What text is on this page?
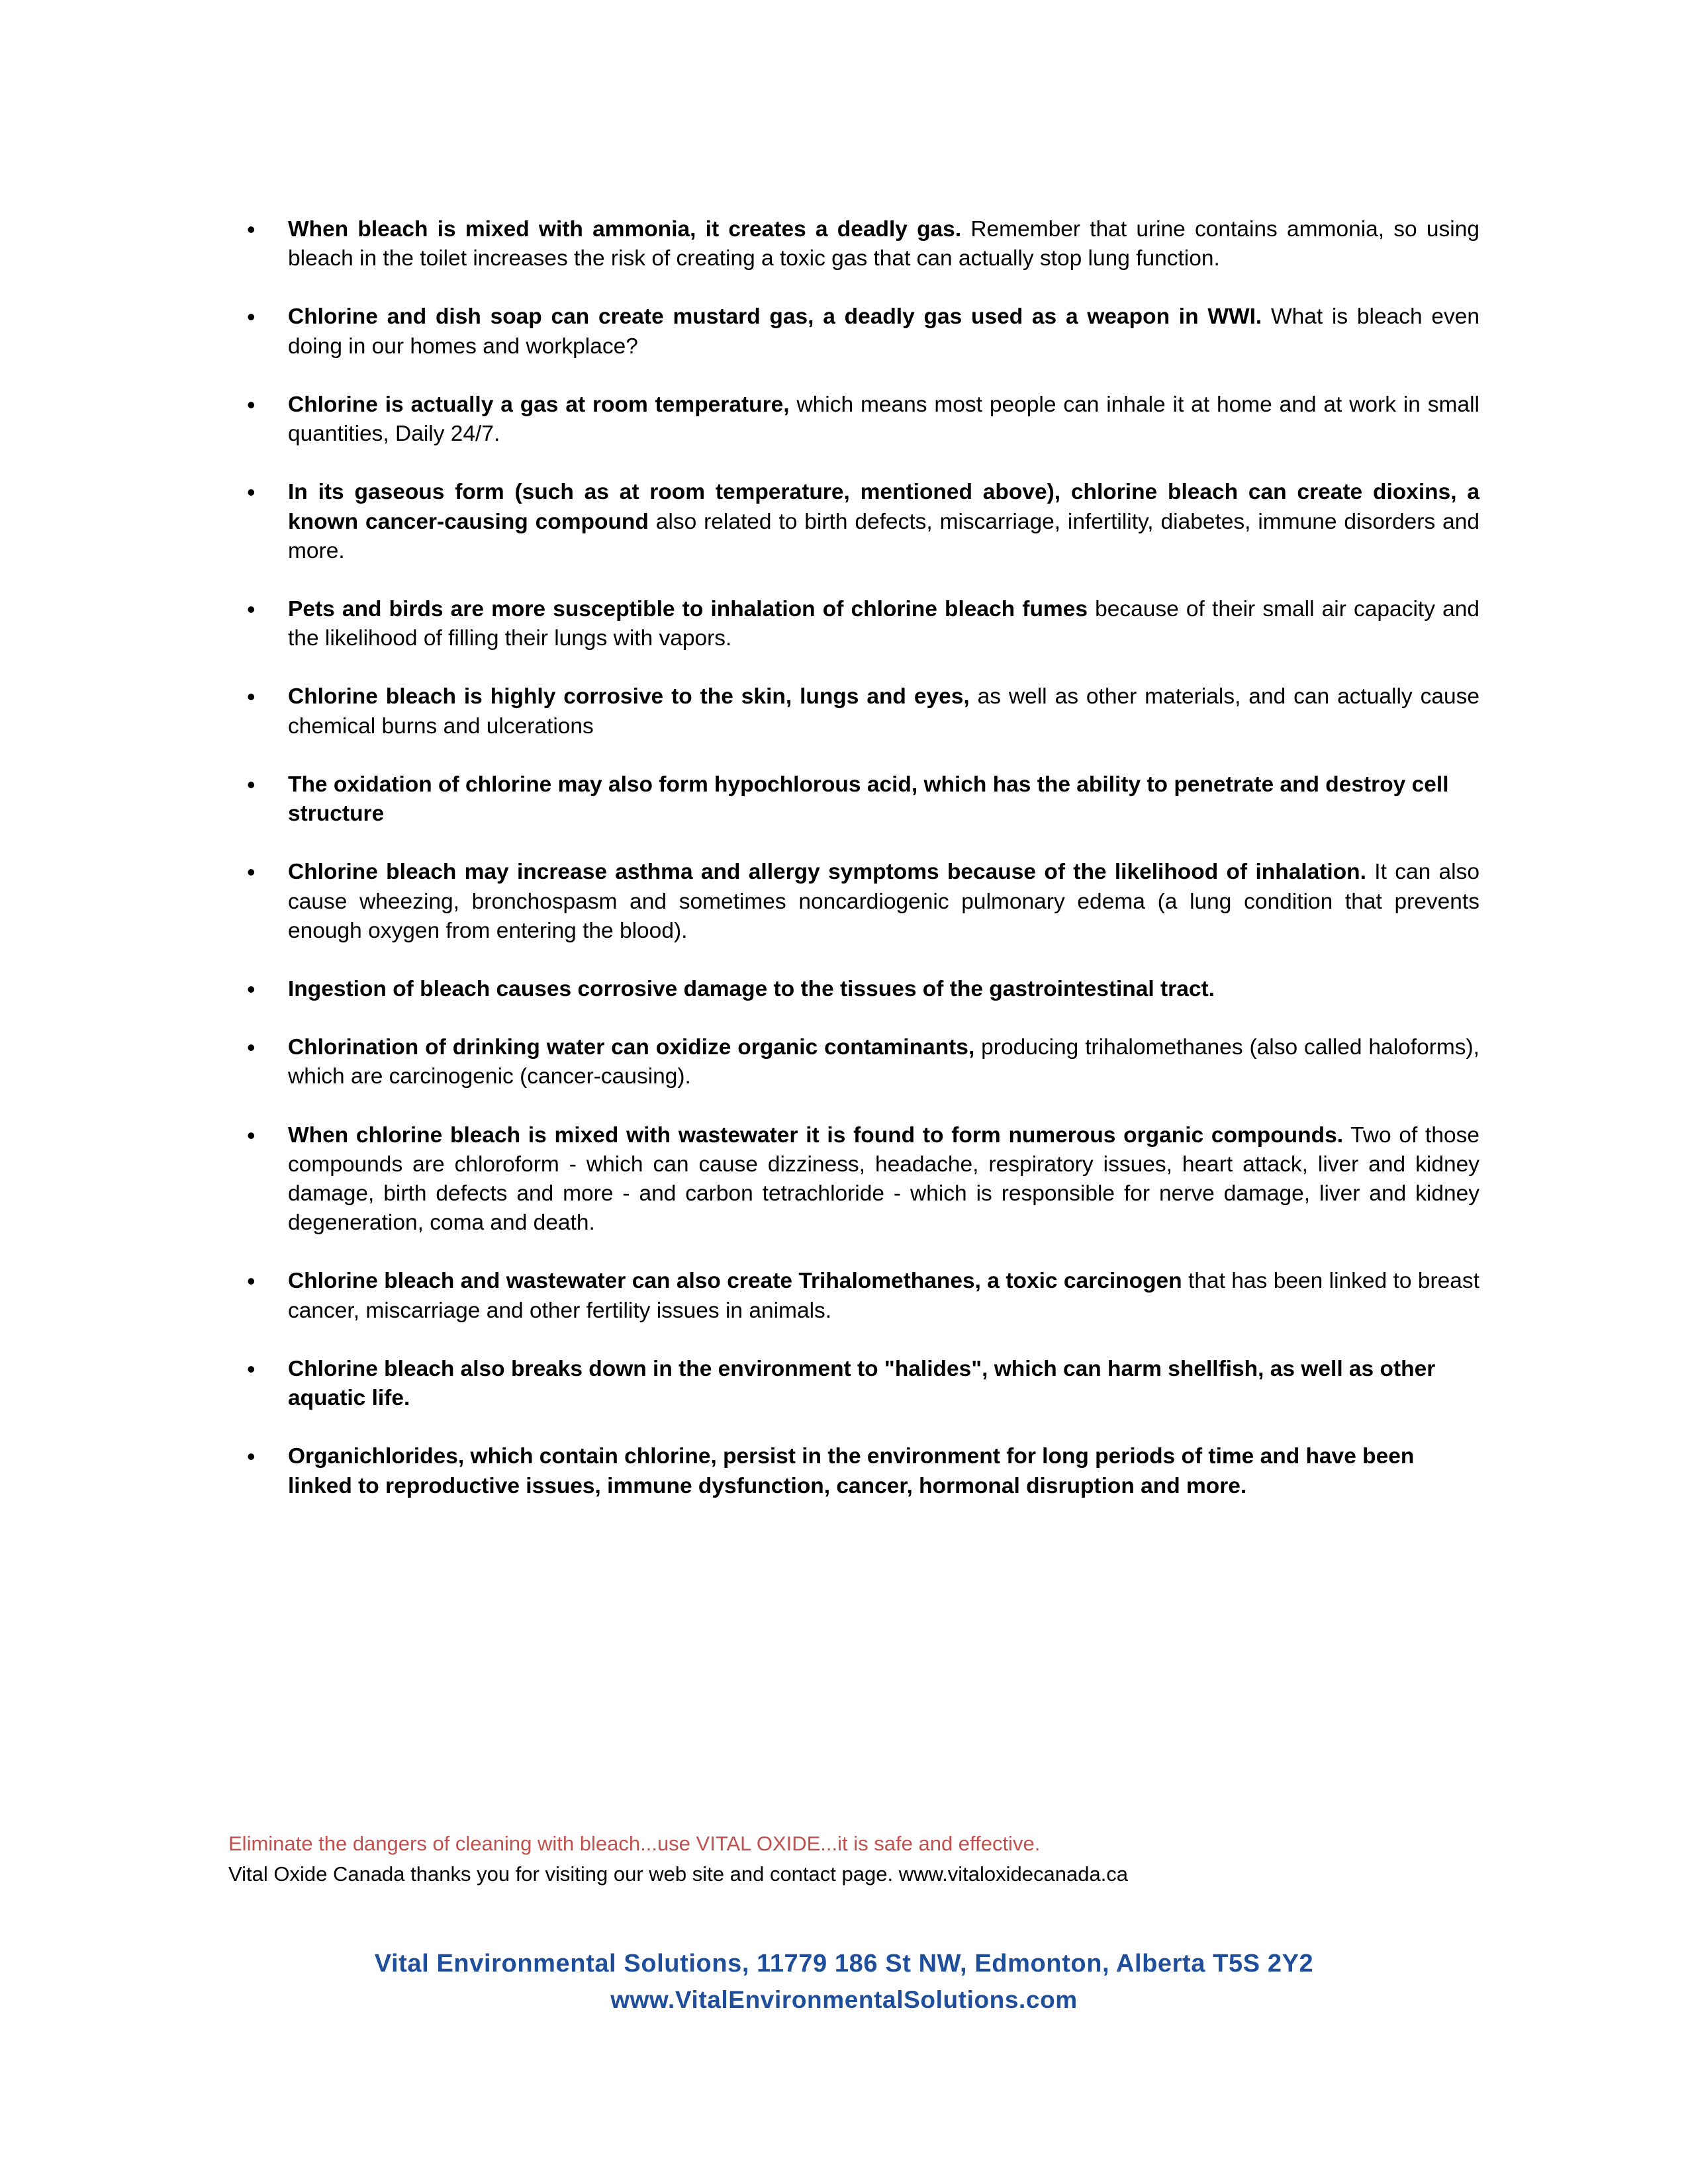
• When bleach is mixed with ammonia, it creates a deadly gas. Remember that urine contains ammonia, so using bleach in the toilet increases the risk of creating a toxic gas that can actually stop lung function.
• Chlorine and dish soap can create mustard gas, a deadly gas used as a weapon in WWI. What is bleach even doing in our homes and workplace?
• Chlorine is actually a gas at room temperature, which means most people can inhale it at home and at work in small quantities, Daily 24/7.
• In its gaseous form (such as at room temperature, mentioned above), chlorine bleach can create dioxins, a known cancer-causing compound also related to birth defects, miscarriage, infertility, diabetes, immune disorders and more.
• Pets and birds are more susceptible to inhalation of chlorine bleach fumes because of their small air capacity and the likelihood of filling their lungs with vapors.
• Chlorine bleach is highly corrosive to the skin, lungs and eyes, as well as other materials, and can actually cause chemical burns and ulcerations
• The oxidation of chlorine may also form hypochlorous acid, which has the ability to penetrate and destroy cell structure
• Chlorine bleach may increase asthma and allergy symptoms because of the likelihood of inhalation. It can also cause wheezing, bronchospasm and sometimes noncardiogenic pulmonary edema (a lung condition that prevents enough oxygen from entering the blood).
• Ingestion of bleach causes corrosive damage to the tissues of the gastrointestinal tract.
• Chlorination of drinking water can oxidize organic contaminants, producing trihalomethanes (also called haloforms), which are carcinogenic (cancer-causing).
• When chlorine bleach is mixed with wastewater it is found to form numerous organic compounds. Two of those compounds are chloroform - which can cause dizziness, headache, respiratory issues, heart attack, liver and kidney damage, birth defects and more - and carbon tetrachloride - which is responsible for nerve damage, liver and kidney degeneration, coma and death.
• Chlorine bleach and wastewater can also create Trihalomethanes, a toxic carcinogen that has been linked to breast cancer, miscarriage and other fertility issues in animals.
• Chlorine bleach also breaks down in the environment to "halides", which can harm shellfish, as well as other aquatic life.
• Organichlorides, which contain chlorine, persist in the environment for long periods of time and have been linked to reproductive issues, immune dysfunction, cancer, hormonal disruption and more.
Eliminate the dangers of cleaning with bleach...use VITAL OXIDE...it is safe and effective.
Vital Oxide Canada thanks you for visiting our web site and contact page. www.vitaloxidecanada.ca
Vital Environmental Solutions, 11779 186 St NW, Edmonton, Alberta T5S 2Y2
www.VitalEnvironmentalSolutions.com
